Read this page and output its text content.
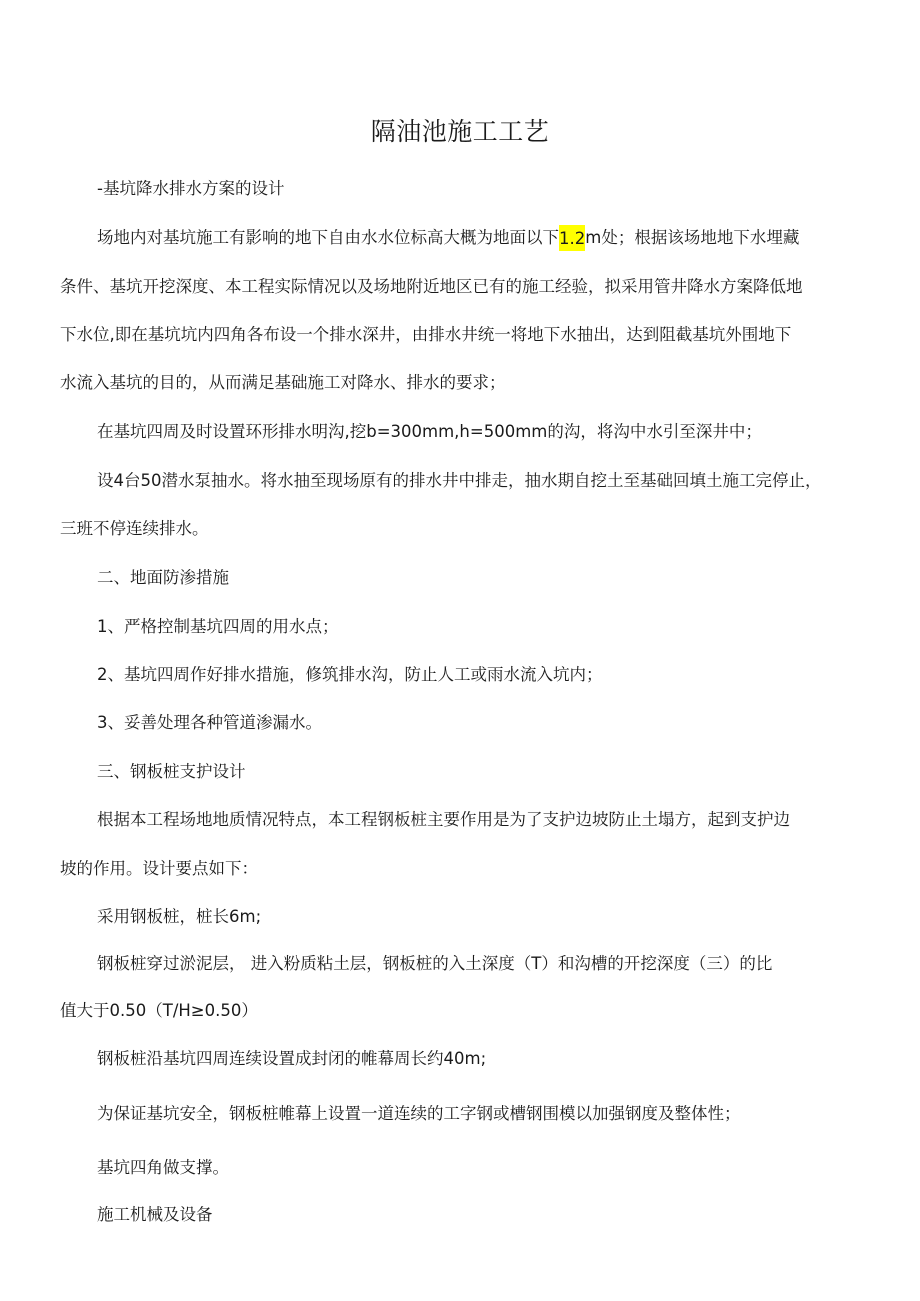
隔油池施工工艺
-基坑降水排水方案的设计
场地内对基坑施工有影响的地下自由水水位标高大概为地面以下1.2m处；根据该场地地下水埋藏
条件、基坑开挖深度、本工程实际情况以及场地附近地区已有的施工经验，拟采用管井降水方案降低地
下水位,即在基坑坑内四角各布设一个排水深井，由排水井统一将地下水抽出，达到阻截基坑外围地下
水流入基坑的目的，从而满足基础施工对降水、排水的要求；
在基坑四周及时设置环形排水明沟,挖b=300mm,h=500mm的沟，将沟中水引至深井中；
设4台50潜水泵抽水。将水抽至现场原有的排水井中排走，抽水期自挖土至基础回填土施工完停止，
三班不停连续排水。
二、地面防渗措施
1、严格控制基坑四周的用水点；
2、基坑四周作好排水措施，修筑排水沟，防止人工或雨水流入坑内；
3、妥善处理各种管道渗漏水。
三、钢板桩支护设计
根据本工程场地地质情况特点，本工程钢板桩主要作用是为了支护边坡防止土塌方，起到支护边
坡的作用。设计要点如下：
采用钢板桩，桩长6m;
钢板桩穿过淤泥层， 进入粉质粘土层，钢板桩的入土深度（T）和沟槽的开挖深度（三）的比
值大于0.50（T/H≥0.50）
钢板桩沿基坑四周连续设置成封闭的帷幕周长约40m;
为保证基坑安全，钢板桩帷幕上设置一道连续的工字钢或槽钢围模以加强钢度及整体性；
基坑四角做支撑。
施工机械及设备
